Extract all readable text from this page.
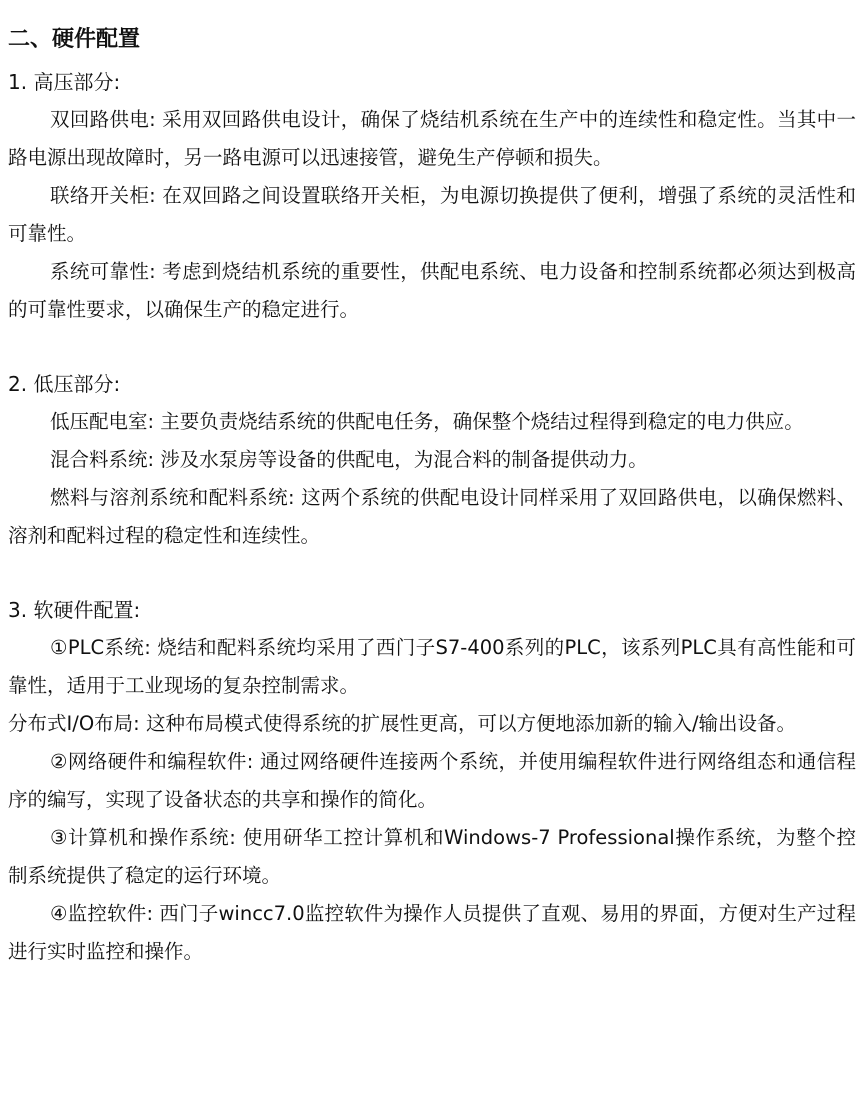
二、硬件配置
1. 高压部分:

双回路供电 : 采用双回路供电设计，确保了烧结机系统在生产中的连续性和稳定性。当其中一路电源出现故障时，另一路电源可以迅速接管，避免生产停顿和损失。

联络开关柜 : 在双回路之间设置联络开关柜，为电源切换提供了便利，增强了系统的灵活性和可靠性。

系统可靠性 : 考虑到烧结机系统的重要性，供配电系统、电力设备和控制系统都必须达到极高的可靠性要求，以确保生产的稳定进行。

2. 低压部分:

低压配电室 : 主要负责烧结系统的供配电任务，确保整个烧结过程得到稳定的电力供应。

混合料系统 : 涉及水泵房等设备的供配电，为混合料的制备提供动力。

燃料与溶剂系统和配料系统 : 这两个系统的供配电设计同样采用了双回路供电，以确保燃料、溶剂和配料过程的稳定性和连续性。

3. 软硬件配置:

①PLC系统 : 烧结和配料系统均采用了西门子S7-400系列的PLC，该系列PLC具有高性能和可靠性，适用于工业现场的复杂控制需求。

分布式I/O布局 : 这种布局模式使得系统的扩展性更高，可以方便地添加新的输入/输出设备。

②网络硬件和编程软件 : 通过网络硬件连接两个系统，并使用编程软件进行网络组态和通信程序的编写，实现了设备状态的共享和操作的简化。

③计算机和操作系统 : 使用研华工控计算机和Windows-7 Professional操作系统，为整个控制系统提供了稳定的运行环境。

④监控软件 : 西门子wincc7.0监控软件为操作人员提供了直观、易用的界面，方便对生产过程进行实时监控和操作。
